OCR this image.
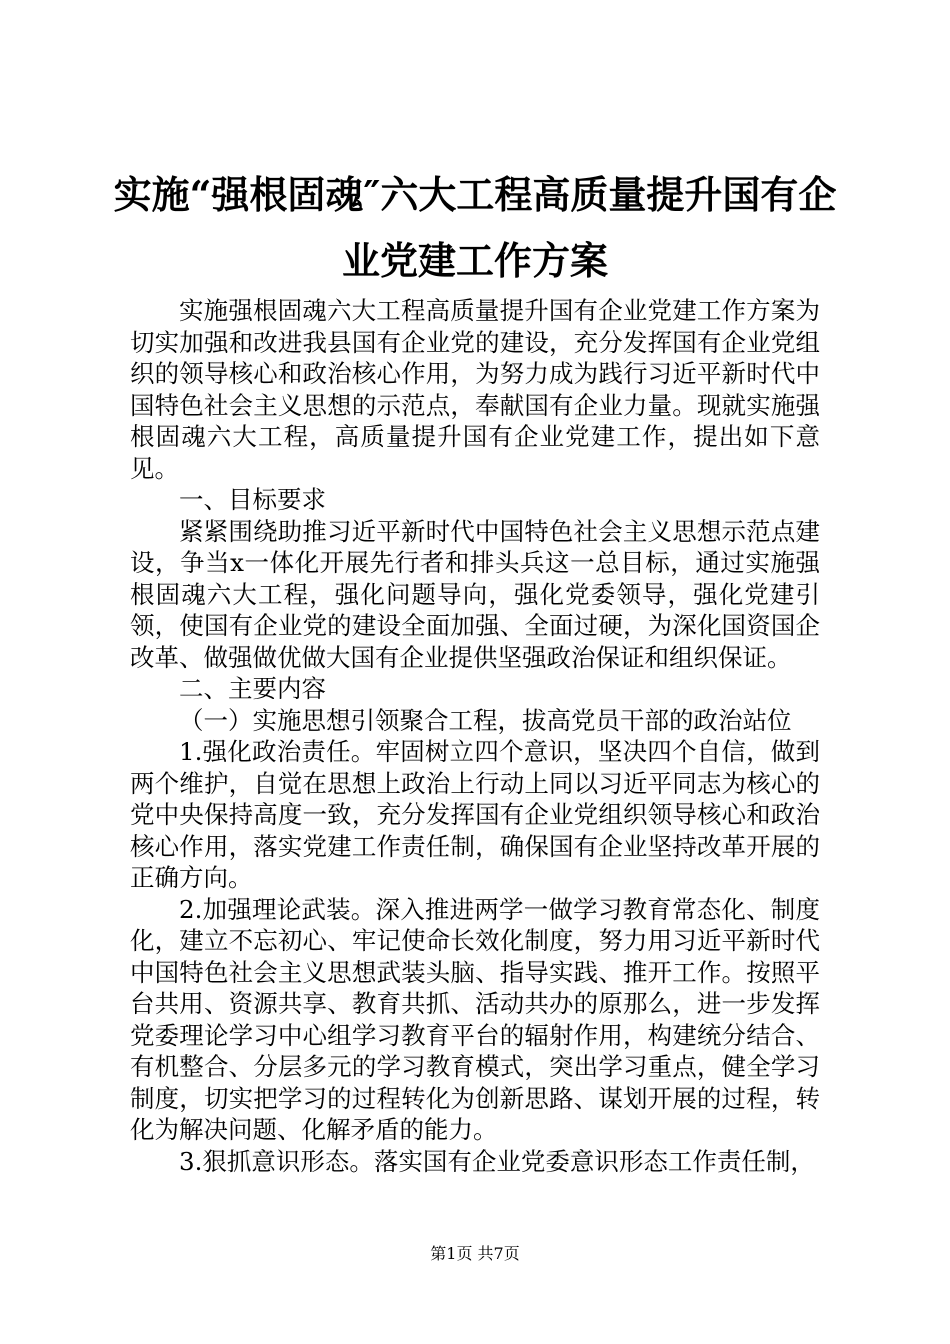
实施“强根固魂″六大工程高质量提升国有企业党建工作方案

实施强根固魂六大工程高质量提升国有企业党建工作方案为切实加强和改进我县国有企业党的建设，充分发挥国有企业党组织的领导核心和政治核心作用，为努力成为践行习近平新时代中国特色社会主义思想的示范点，奉献国有企业力量。现就实施强根固魂六大工程，高质量提升国有企业党建工作，提出如下意见。

一、目标要求

紧紧围绕助推习近平新时代中国特色社会主义思想示范点建设，争当x一体化开展先行者和排头兵这一总目标，通过实施强根固魂六大工程，强化问题导向，强化党委领导，强化党建引领，使国有企业党的建设全面加强、全面过硬，为深化国资国企改革、做强做优做大国有企业提供坚强政治保证和组织保证。

二、主要内容

（一）实施思想引领聚合工程，拔高党员干部的政治站位

1.强化政治责任。牢固树立四个意识，坚决四个自信，做到两个维护，自觉在思想上政治上行动上同以习近平同志为核心的党中央保持高度一致，充分发挥国有企业党组织领导核心和政治核心作用，落实党建工作责任制，确保国有企业坚持改革开展的正确方向。

2.加强理论武装。深入推进两学一做学习教育常态化、制度化，建立不忘初心、牢记使命长效化制度，努力用习近平新时代中国特色社会主义思想武装头脑、指导实践、推开工作。按照平台共用、资源共享、教育共抓、活动共办的原那么，进一步发挥党委理论学习中心组学习教育平台的辐射作用，构建统分结合、有机整合、分层多元的学习教育模式，突出学习重点，健全学习制度，切实把学习的过程转化为创新思路、谋划开展的过程，转化为解决问题、化解矛盾的能力。

3.狠抓意识形态。落实国有企业党委意识形态工作责任制，

第1页 共7页
